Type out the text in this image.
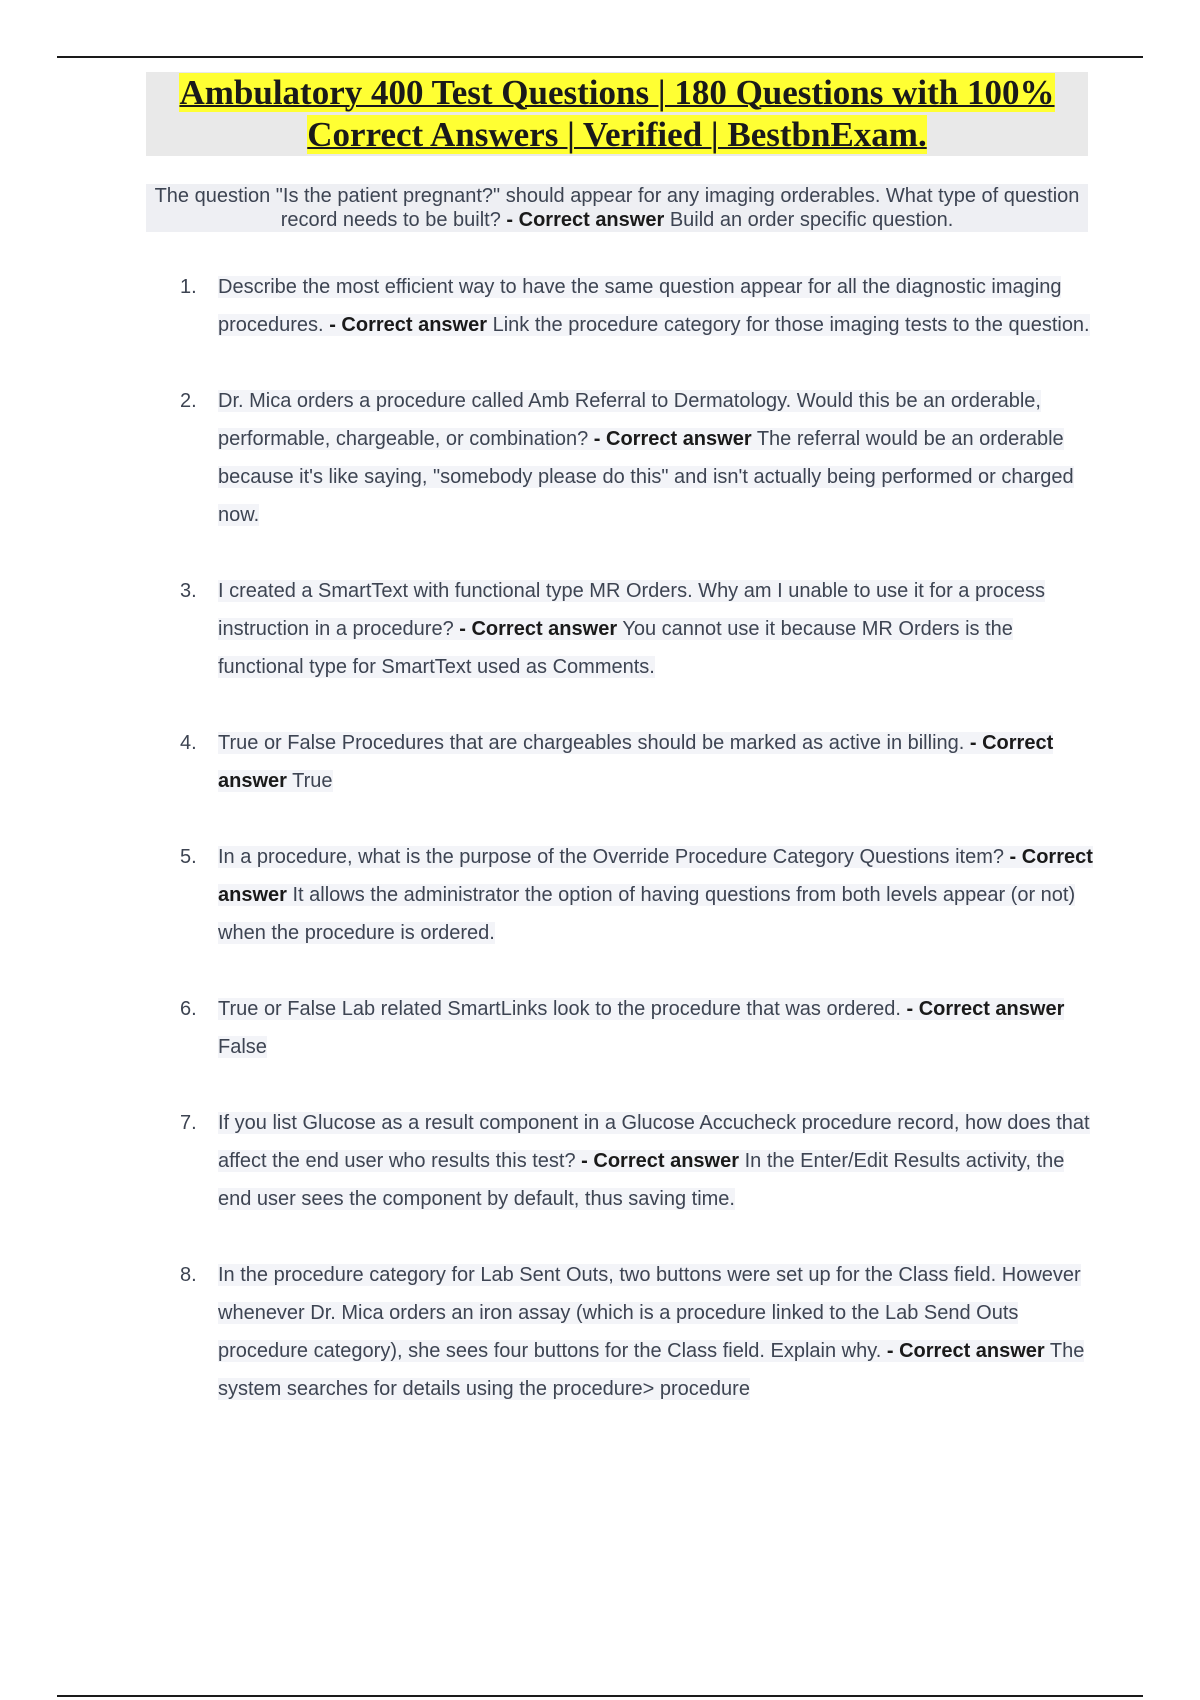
Ambulatory 400 Test Questions | 180 Questions with 100%
Correct Answers | Verified | BestbnExam.
The question "Is the patient pregnant?" should appear for any imaging orderables. What type of question record needs to be built? - Correct answer Build an order specific question.
1.	Describe the most efficient way to have the same question appear for all the diagnostic imaging procedures. - Correct answer Link the procedure category for those imaging tests to the question.
2.	Dr. Mica orders a procedure called Amb Referral to Dermatology. Would this be an orderable, performable, chargeable, or combination? - Correct answer The referral would be an orderable because it's like saying, "somebody please do this" and isn't actually being performed or charged now.
3.	I created a SmartText with functional type MR Orders. Why am I unable to use it for a process instruction in a procedure? - Correct answer You cannot use it because MR Orders is the functional type for SmartText used as Comments.
4.	True or False Procedures that are chargeables should be marked as active in billing. - Correct answer True
5.	In a procedure, what is the purpose of the Override Procedure Category Questions item? - Correct answer It allows the administrator the option of having questions from both levels appear (or not) when the procedure is ordered.
6.	True or False Lab related SmartLinks look to the procedure that was ordered. - Correct answer False
7.	If you list Glucose as a result component in a Glucose Accucheck procedure record, how does that affect the end user who results this test? - Correct answer In the Enter/Edit Results activity, the end user sees the component by default, thus saving time.
8.	In the procedure category for Lab Sent Outs, two buttons were set up for the Class field. However whenever Dr. Mica orders an iron assay (which is a procedure linked to the Lab Send Outs procedure category), she sees four buttons for the Class field. Explain why. - Correct answer The system searches for details using the procedure> procedure
